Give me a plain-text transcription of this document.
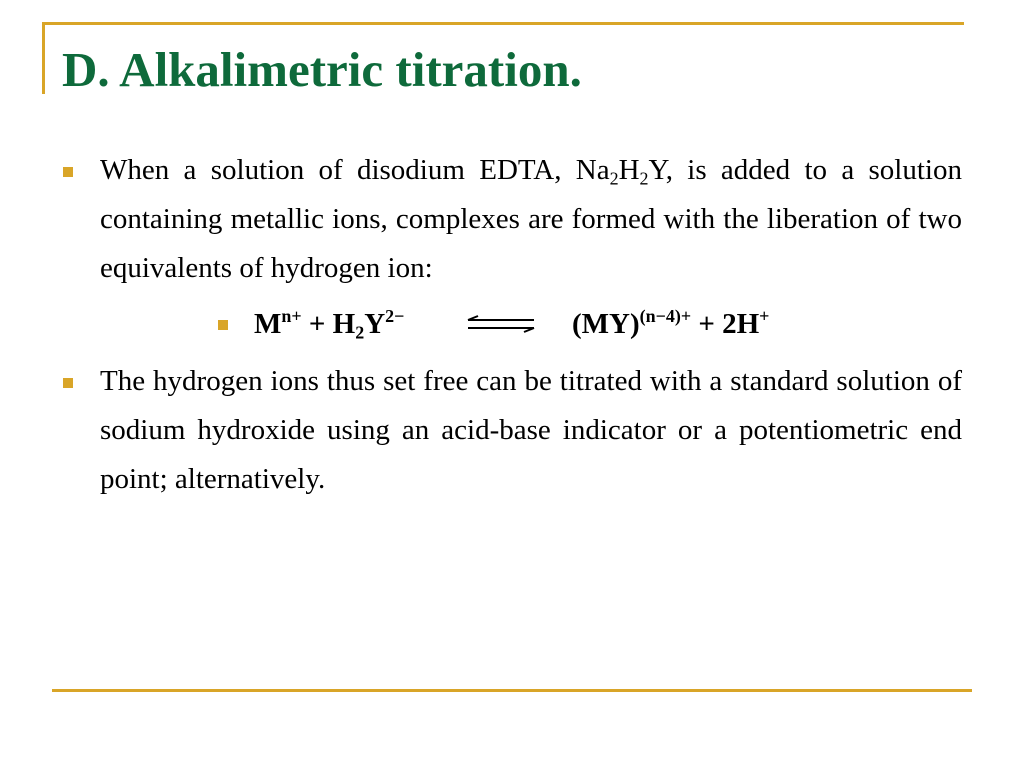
D. Alkalimetric titration.

When a solution of disodium EDTA, $Na_2H_2Y$, is added to a solution containing metallic ions, complexes are formed with the liberation of two equivalents of hydrogen ion:

$M^{n+} + H_2Y^{2-}$ ⇌ (MY)$^{(n-4)+}$ + 2H+

The hydrogen ions thus set free can be titrated with a standard solution of sodium hydroxide using an acid-base indicator or a potentiometric end point; alternatively.
